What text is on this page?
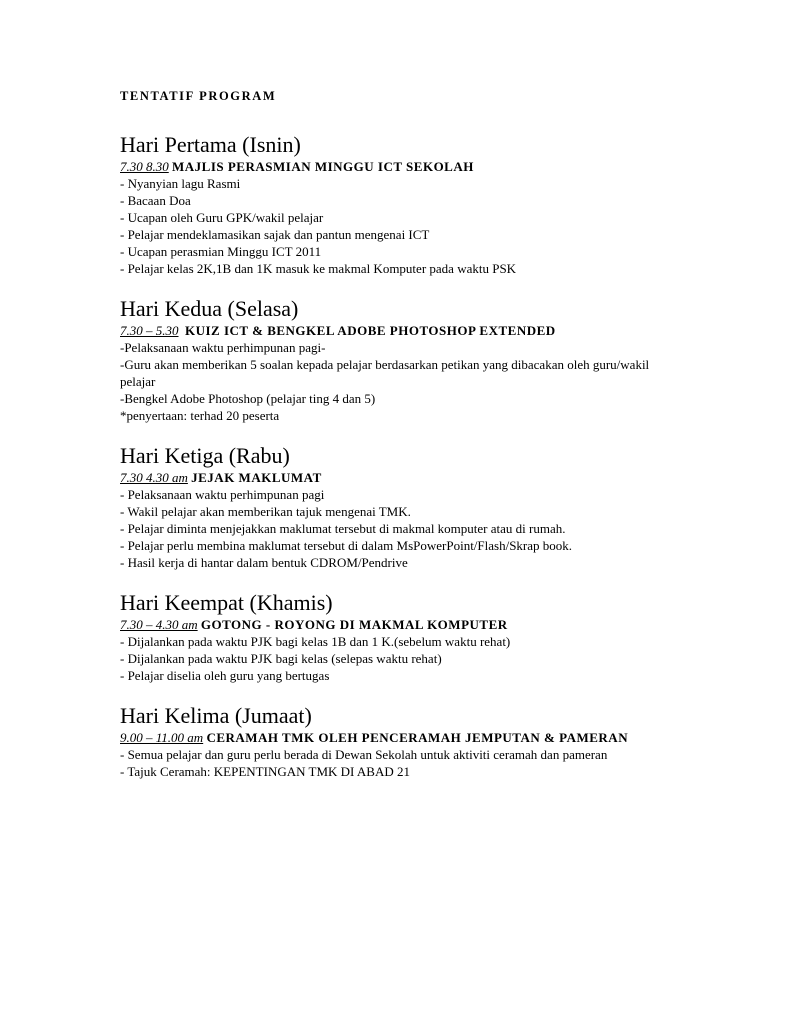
TENTATIF PROGRAM

Hari Pertama (Isnin)
7.30 8.30 MAJLIS PERASMIAN MINGGU ICT SEKOLAH
- Nyanyian lagu Rasmi
- Bacaan Doa
- Ucapan oleh Guru GPK/wakil pelajar
- Pelajar mendeklamasikan sajak dan pantun mengenai ICT
- Ucapan perasmian Minggu ICT 2011
- Pelajar kelas 2K,1B dan 1K masuk ke makmal Komputer pada waktu PSK
Hari Kedua (Selasa)
7.30 – 5.30 KUIZ ICT & BENGKEL ADOBE PHOTOSHOP EXTENDED
-Pelaksanaan waktu perhimpunan pagi-
-Guru akan memberikan 5 soalan kepada pelajar berdasarkan petikan yang dibacakan oleh guru/wakil pelajar
-Bengkel Adobe Photoshop (pelajar ting 4 dan 5)
*penyertaan: terhad 20 peserta
Hari Ketiga (Rabu)
7.30 4.30 am JEJAK MAKLUMAT
- Pelaksanaan waktu perhimpunan pagi
- Wakil pelajar akan memberikan tajuk mengenai TMK.
- Pelajar diminta menjejakkan maklumat tersebut di makmal komputer atau di rumah.
- Pelajar perlu membina maklumat tersebut di dalam MsPowerPoint/Flash/Skrap book.
- Hasil kerja di hantar dalam bentuk CDROM/Pendrive
Hari Keempat (Khamis)
7.30 – 4.30 am GOTONG - ROYONG DI MAKMAL KOMPUTER
- Dijalankan pada waktu PJK bagi kelas 1B dan 1 K.(sebelum waktu rehat)
- Dijalankan pada waktu PJK bagi kelas (selepas waktu rehat)
- Pelajar diselia oleh guru yang bertugas
Hari Kelima (Jumaat)
9.00 – 11.00 am CERAMAH TMK OLEH PENCERAMAH JEMPUTAN & PAMERAN
- Semua pelajar dan guru perlu berada di Dewan Sekolah untuk aktiviti ceramah dan pameran
- Tajuk Ceramah: KEPENTINGAN TMK DI ABAD 21
